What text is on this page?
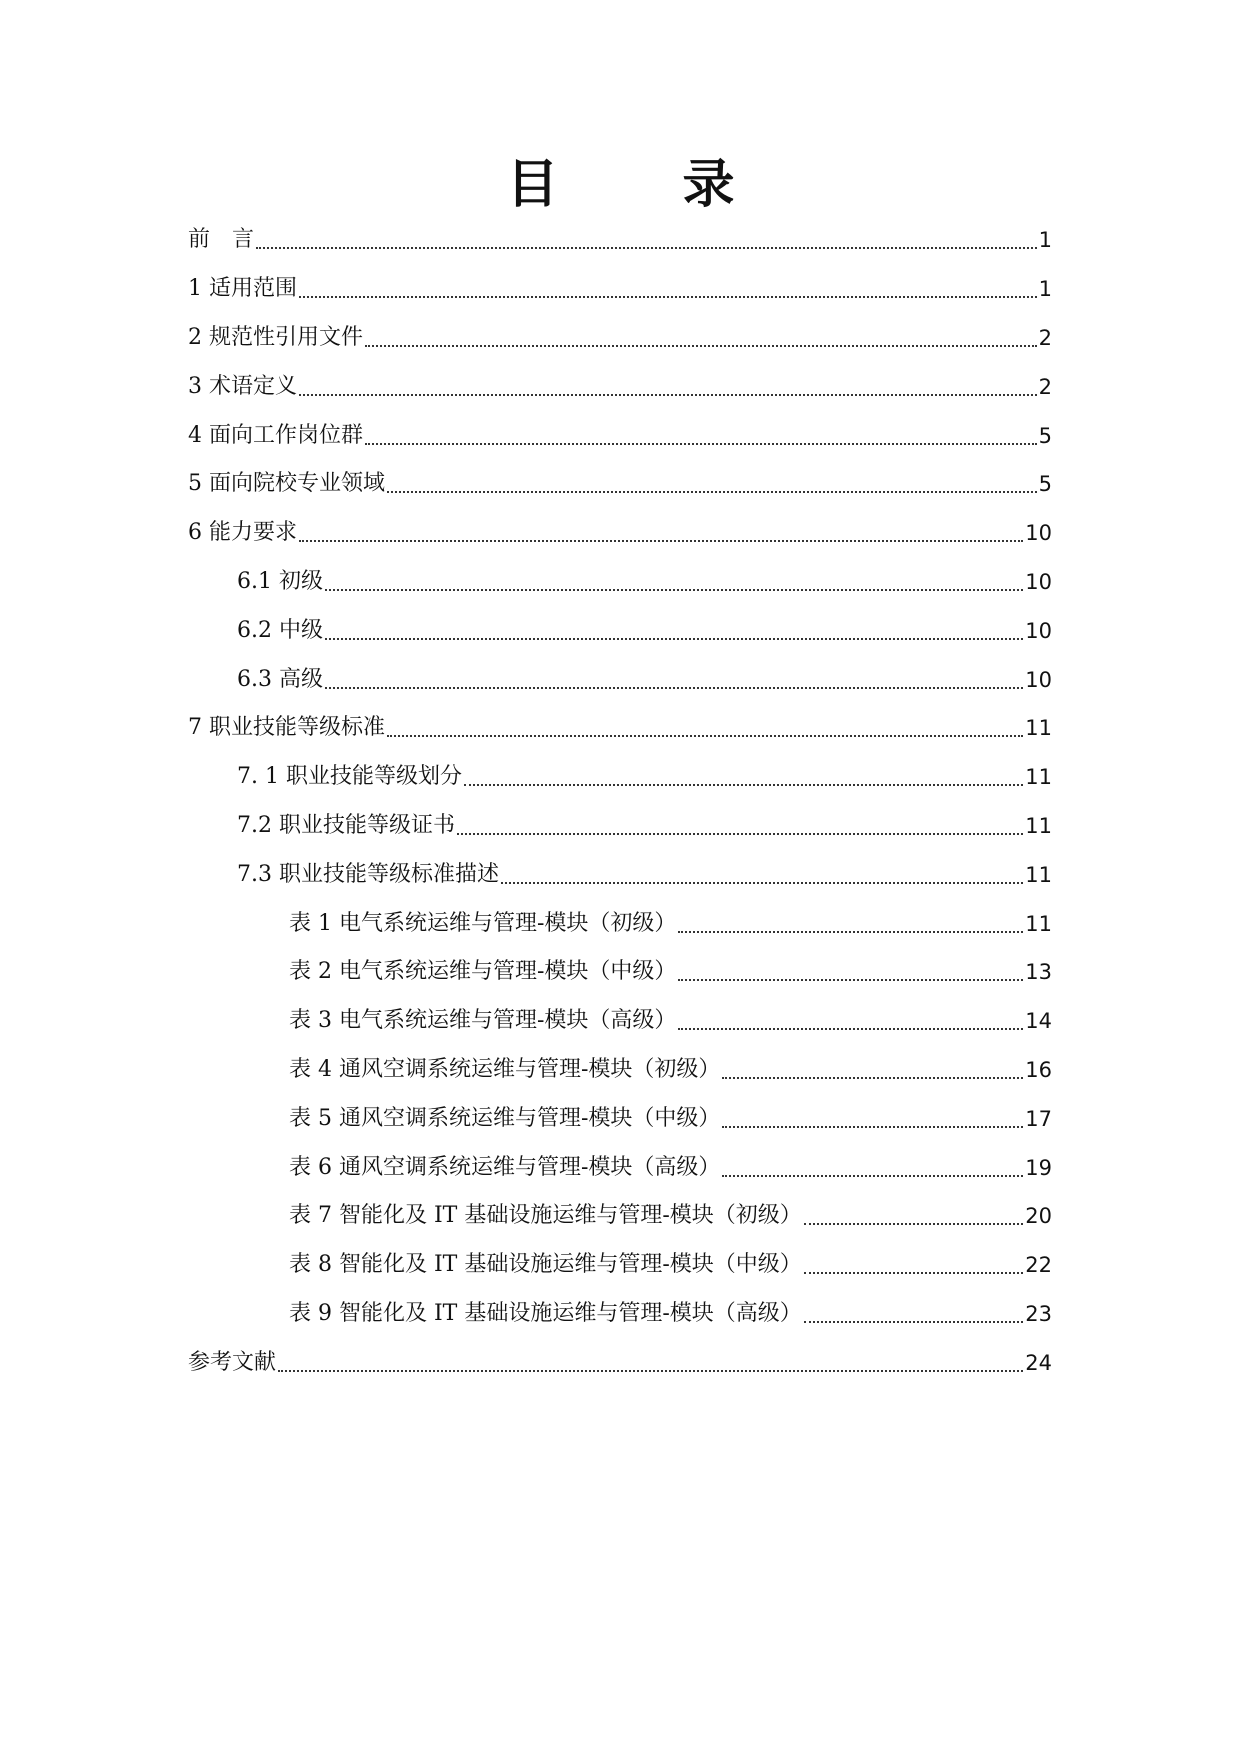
目　录
前　言	1
1 适用范围	1
2 规范性引用文件	2
3 术语定义	2
4 面向工作岗位群	5
5 面向院校专业领域	5
6 能力要求	10
6.1 初级	10
6.2 中级	10
6.3 高级	10
7 职业技能等级标准	11
7. 1 职业技能等级划分	11
7.2 职业技能等级证书	11
7.3 职业技能等级标准描述	11
表 1 电气系统运维与管理-模块（初级）	11
表 2 电气系统运维与管理-模块（中级）	13
表 3 电气系统运维与管理-模块（高级）	14
表 4 通风空调系统运维与管理-模块（初级）	16
表 5 通风空调系统运维与管理-模块（中级）	17
表 6 通风空调系统运维与管理-模块（高级）	19
表 7 智能化及 IT 基础设施运维与管理-模块（初级）	20
表 8 智能化及 IT 基础设施运维与管理-模块（中级）	22
表 9 智能化及 IT 基础设施运维与管理-模块（高级）	23
参考文献	24
